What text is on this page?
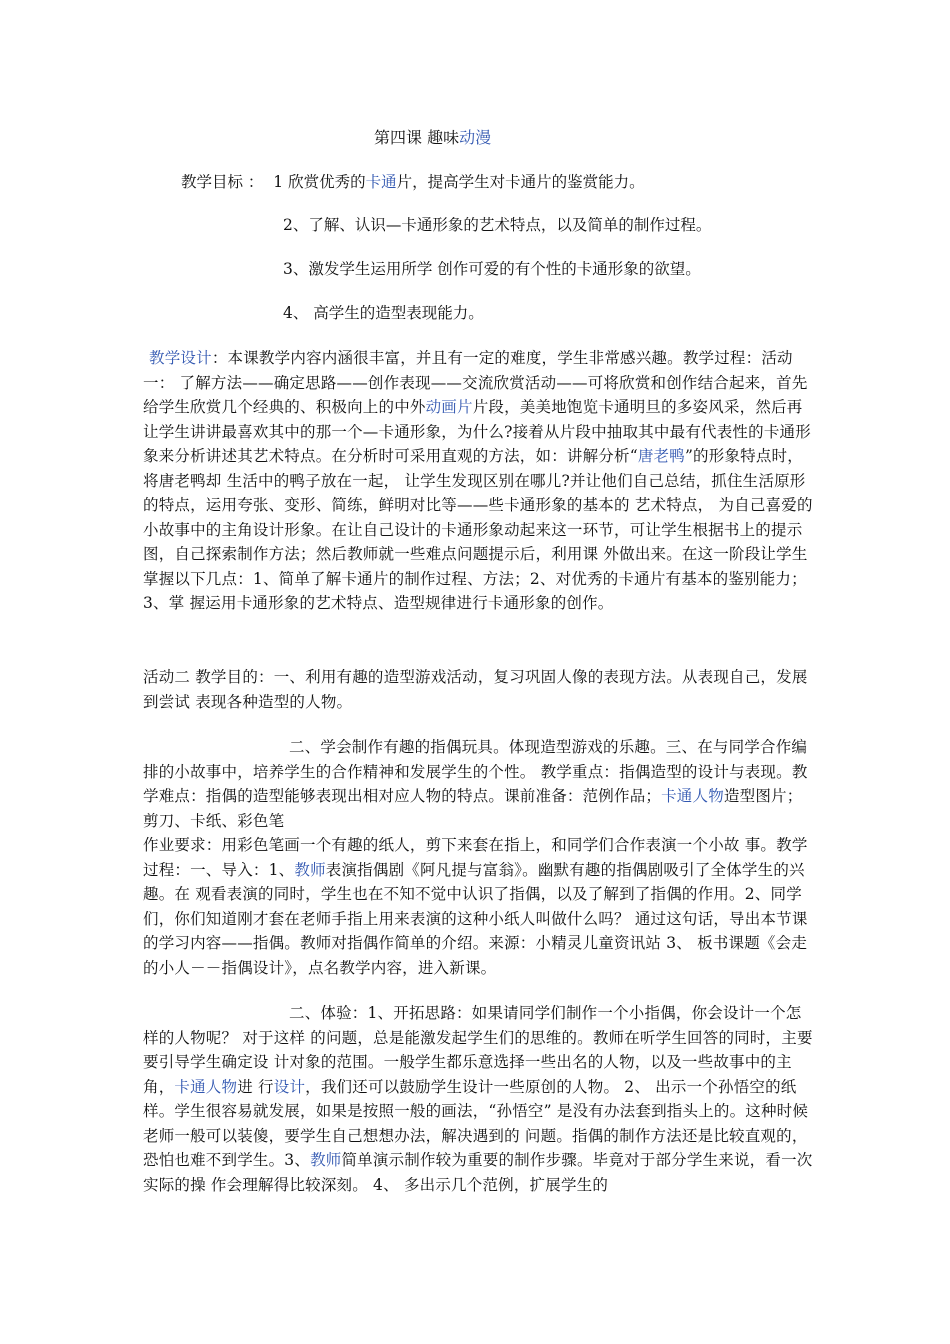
第四课 趣味动漫
教学目标 ： 1 欣赏优秀的卡通片，提高学生对卡通片的鉴赏能力。
2、了解、认识—卡通形象的艺术特点，以及简单的制作过程。
3、激发学生运用所学 创作可爱的有个性的卡通形象的欲望。
4、 高学生的造型表现能力。
教学设计：本课教学内容内涵很丰富，并且有一定的难度，学生非常感兴趣。教学过程：活动一： 了解方法——确定思路——创作表现——交流欣赏活动——可将欣赏和创作结合起来，首先给学生欣赏几个经典的、积极向上的中外动画片片段，美美地饱览卡通明旦的多姿风采，然后再让学生讲讲最喜欢其中的那一个—卡通形象，为什么?接着从片段中抽取其中最有代表性的卡通形象来分析讲述其艺术特点。在分析时可采用直观的方法，如：讲解分析“唐老鸭”的形象特点时， 将唐老鸭却 生活中的鸭子放在一起， 让学生发现区别在哪儿?并让他们自己总结，抓住生活原形的特点，运用夸张、变形、简练，鲜明对比等——些卡通形象的基本的 艺术特点， 为自己喜爱的小故事中的主角设计形象。在让自己设计的卡通形象动起来这一环节，可让学生根据书上的提示图，自己探索制作方法；然后教师就一些难点问题提示后，利用课 外做出来。在这一阶段让学生掌握以下几点：1、简单了解卡通片的制作过程、方法；2、对优秀的卡通片有基本的鉴别能力；3、掌 握运用卡通形象的艺术特点、造型规律进行卡通形象的创作。
活动二 教学目的：一、利用有趣的造型游戏活动，复习巩固人像的表现方法。从表现自己，发展到尝试 表现各种造型的人物。
二、学会制作有趣的指偶玩具。体现造型游戏的乐趣。三、在与同学合作编排的小故事中，培养学生的合作精神和发展学生的个性。 教学重点：指偶造型的设计与表现。教学难点：指偶的造型能够表现出相对应人物的特点。课前准备：范例作品；卡通人物造型图片； 剪刀、卡纸、彩色笔
作业要求：用彩色笔画一个有趣的纸人，剪下来套在指上，和同学们合作表演一个小故 事。教学过程：一、导入：1、教师表演指偶剧《阿凡提与富翁》。幽默有趣的指偶剧吸引了全体学生的兴趣。在 观看表演的同时，学生也在不知不觉中认识了指偶，以及了解到了指偶的作用。2、同学们，你们知道刚才套在老师手指上用来表演的这种小纸人叫做什么吗？ 通过这句话，导出本节课的学习内容——指偶。教师对指偶作简单的介绍。来源：小精灵儿童资讯站 3、 板书课题《会走的小人－－指偶设计》，点名教学内容，进入新课。
二、体验：1、开拓思路：如果请同学们制作一个小指偶，你会设计一个怎样的人物呢？ 对于这样 的问题，总是能激发起学生们的思维的。教师在听学生回答的同时，主要要引导学生确定设 计对象的范围。一般学生都乐意选择一些出名的人物，以及一些故事中的主角，卡通人物进 行设计，我们还可以鼓励学生设计一些原创的人物。 2、 出示一个孙悟空的纸样。学生很容易就发展，如果是按照一般的画法，“孙悟空” 是没有办法套到指头上的。这种时候老师一般可以装傻，要学生自己想想办法，解决遇到的 问题。指偶的制作方法还是比较直观的，恐怕也难不到学生。3、教师简单演示制作较为重要的制作步骤。毕竟对于部分学生来说，看一次实际的操 作会理解得比较深刻。 4、 多出示几个范例，扩展学生的
